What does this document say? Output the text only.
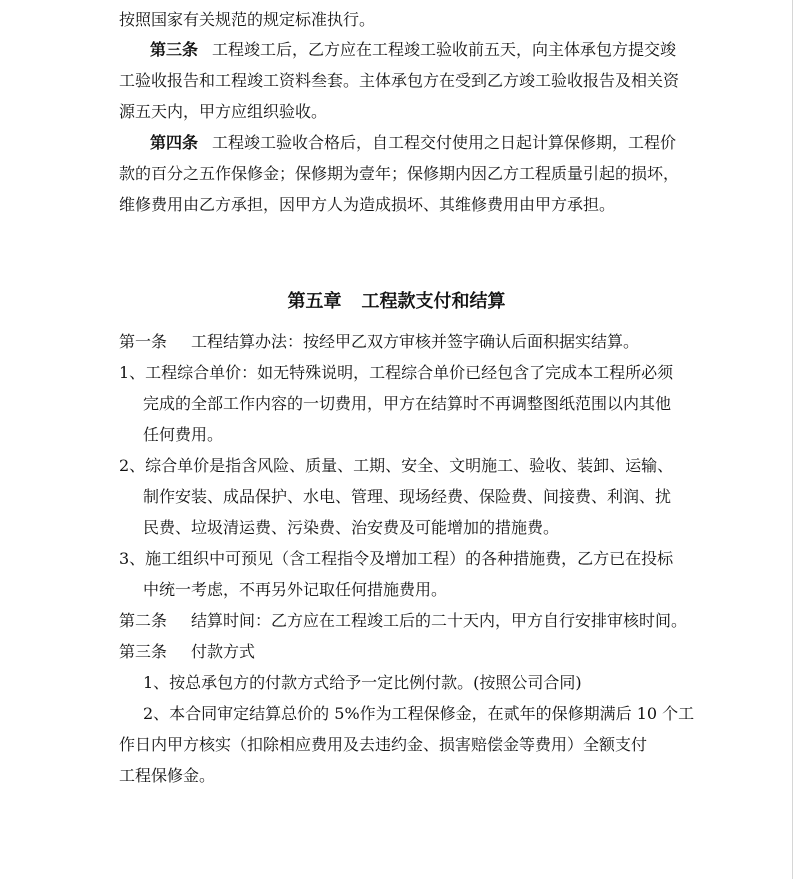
按照国家有关规范的规定标准执行。
第三条 工程竣工后，乙方应在工程竣工验收前五天，向主体承包方提交竣
工验收报告和工程竣工资料叁套。主体承包方在受到乙方竣工验收报告及相关资
源五天内，甲方应组织验收。
第四条 工程竣工验收合格后，自工程交付使用之日起计算保修期，工程价
款的百分之五作保修金；保修期为壹年；保修期内因乙方工程质量引起的损坏，
维修费用由乙方承担，因甲方人为造成损坏、其维修费用由甲方承担。
第五章 工程款支付和结算
第一条 工程结算办法：按经甲乙双方审核并签字确认后面积据实结算。
1、工程综合单价：如无特殊说明，工程综合单价已经包含了完成本工程所必须
完成的全部工作内容的一切费用，甲方在结算时不再调整图纸范围以内其他
任何费用。
2、综合单价是指含风险、质量、工期、安全、文明施工、验收、装卸、运输、
制作安装、成品保护、水电、管理、现场经费、保险费、间接费、利润、扰
民费、垃圾清运费、污染费、治安费及可能增加的措施费。
3、施工组织中可预见（含工程指令及增加工程）的各种措施费，乙方已在投标
中统一考虑，不再另外记取任何措施费用。
第二条 结算时间：乙方应在工程竣工后的二十天内，甲方自行安排审核时间。
第三条 付款方式
1、按总承包方的付款方式给予一定比例付款。(按照公司合同)
2、本合同审定结算总价的 5%作为工程保修金，在贰年的保修期满后 10 个工
作日内甲方核实（扣除相应费用及去违约金、损害赔偿金等费用）全额支付
工程保修金。
